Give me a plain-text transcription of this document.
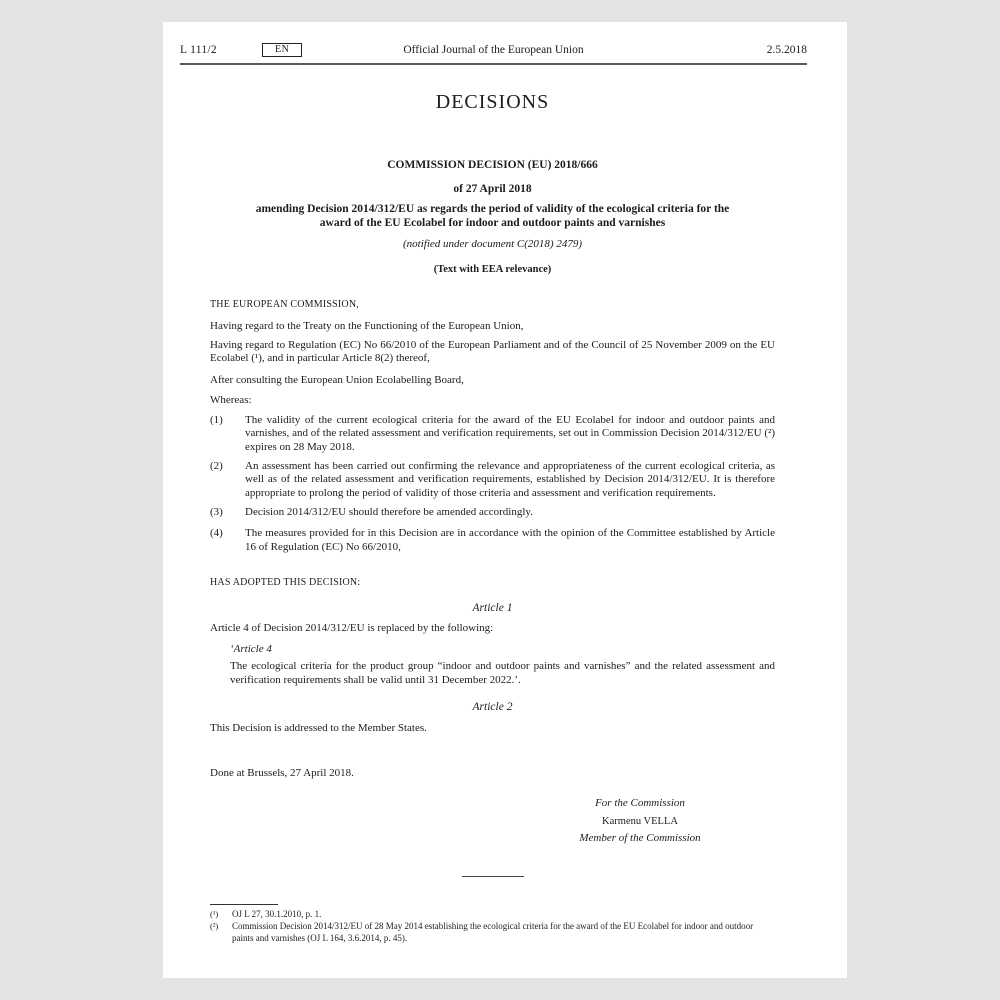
L 111/2	EN	Official Journal of the European Union	2.5.2018
DECISIONS
COMMISSION DECISION (EU) 2018/666
of 27 April 2018
amending Decision 2014/312/EU as regards the period of validity of the ecological criteria for the award of the EU Ecolabel for indoor and outdoor paints and varnishes
(notified under document C(2018) 2479)
(Text with EEA relevance)
THE EUROPEAN COMMISSION,
Having regard to the Treaty on the Functioning of the European Union,
Having regard to Regulation (EC) No 66/2010 of the European Parliament and of the Council of 25 November 2009 on the EU Ecolabel (¹), and in particular Article 8(2) thereof,
After consulting the European Union Ecolabelling Board,
Whereas:
(1)	The validity of the current ecological criteria for the award of the EU Ecolabel for indoor and outdoor paints and varnishes, and of the related assessment and verification requirements, set out in Commission Decision 2014/312/EU (²) expires on 28 May 2018.
(2)	An assessment has been carried out confirming the relevance and appropriateness of the current ecological criteria, as well as of the related assessment and verification requirements, established by Decision 2014/312/EU. It is therefore appropriate to prolong the period of validity of those criteria and assessment and verification requirements.
(3)	Decision 2014/312/EU should therefore be amended accordingly.
(4)	The measures provided for in this Decision are in accordance with the opinion of the Committee established by Article 16 of Regulation (EC) No 66/2010,
HAS ADOPTED THIS DECISION:
Article 1
Article 4 of Decision 2014/312/EU is replaced by the following:
‘Article 4
The ecological criteria for the product group “indoor and outdoor paints and varnishes” and the related assessment and verification requirements shall be valid until 31 December 2022.’.
Article 2
This Decision is addressed to the Member States.
Done at Brussels, 27 April 2018.
For the Commission
Karmenu VELLA
Member of the Commission
(¹)	OJ L 27, 30.1.2010, p. 1.
(²)	Commission Decision 2014/312/EU of 28 May 2014 establishing the ecological criteria for the award of the EU Ecolabel for indoor and outdoor paints and varnishes (OJ L 164, 3.6.2014, p. 45).
